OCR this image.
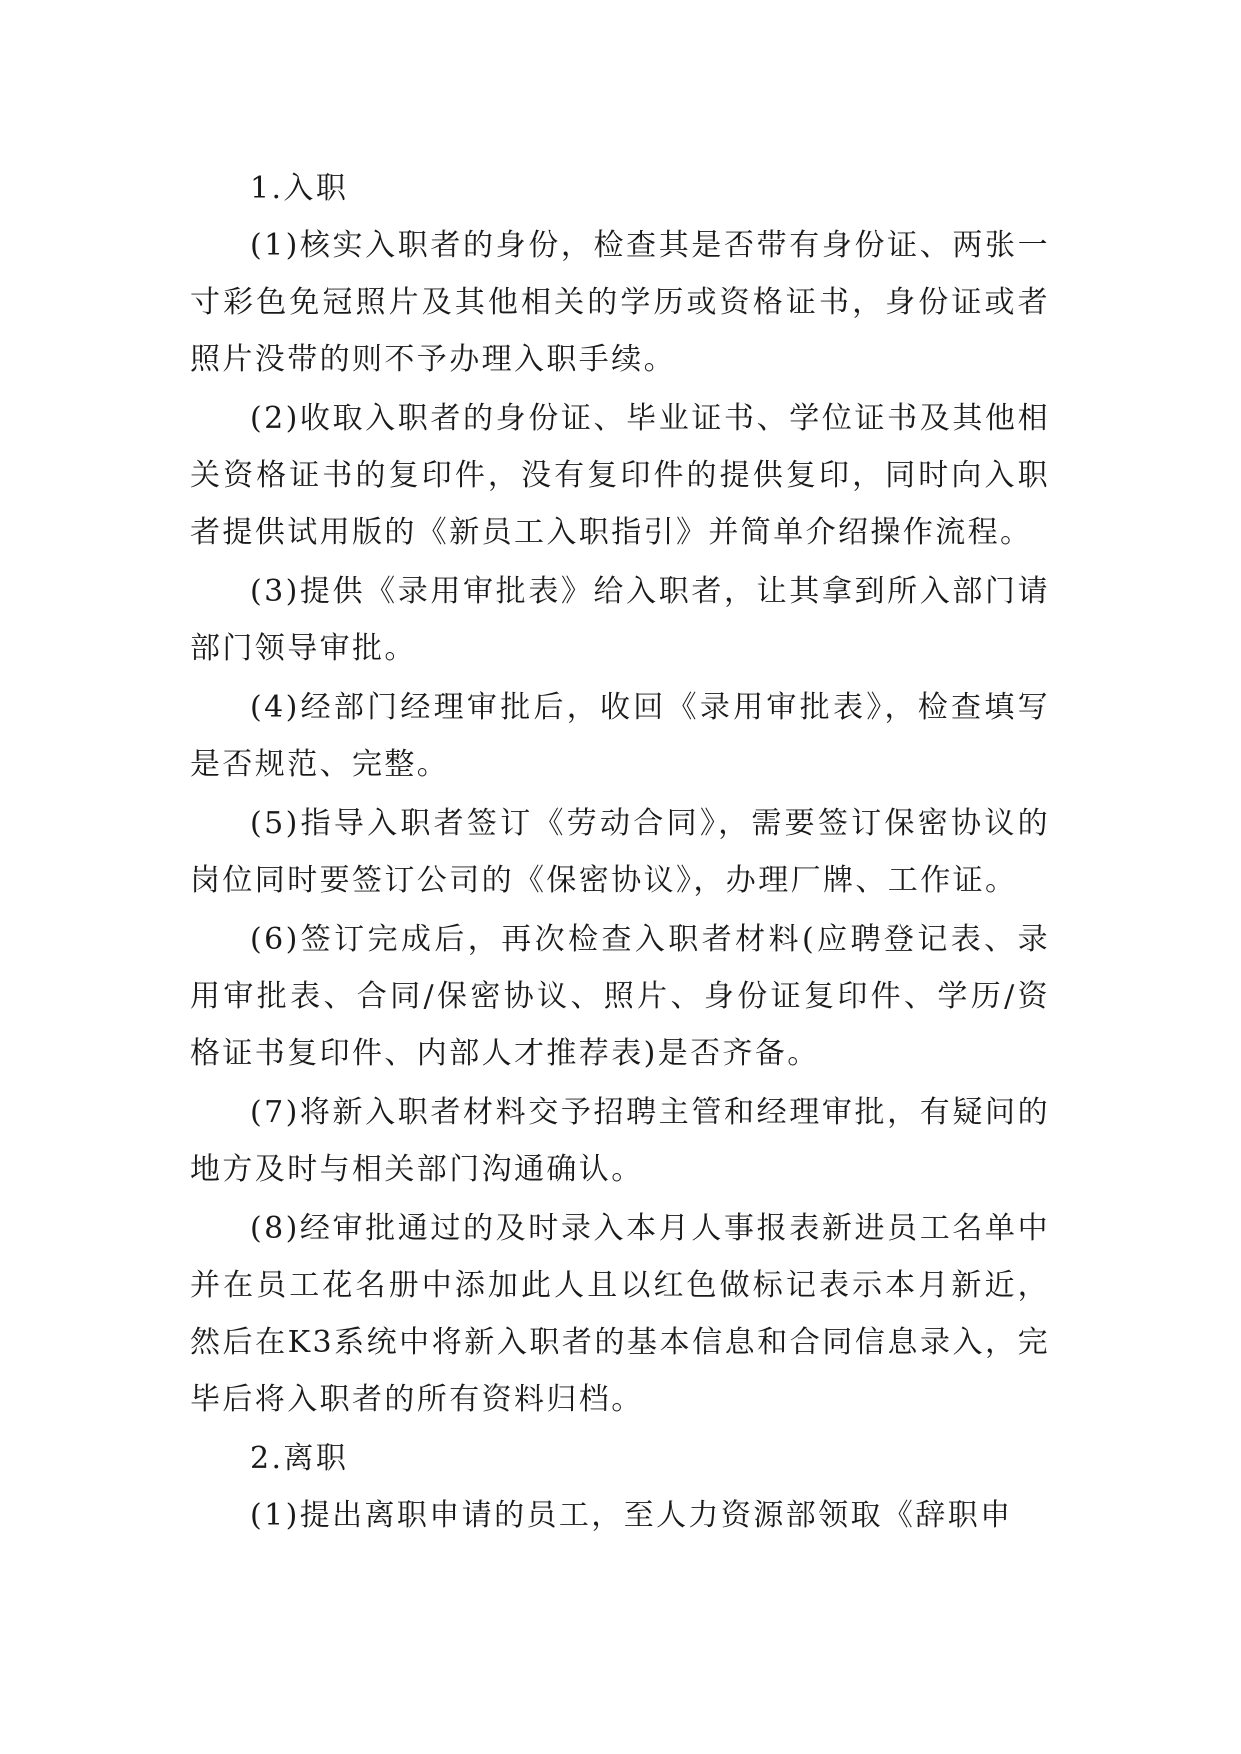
1.入职

(1)核实入职者的身份，检查其是否带有身份证、两张一寸彩色免冠照片及其他相关的学历或资格证书，身份证或者照片没带的则不予办理入职手续。

(2)收取入职者的身份证、毕业证书、学位证书及其他相关资格证书的复印件，没有复印件的提供复印，同时向入职者提供试用版的《新员工入职指引》并简单介绍操作流程。

(3)提供《录用审批表》给入职者，让其拿到所入部门请部门领导审批。

(4)经部门经理审批后，收回《录用审批表》，检查填写是否规范、完整。

(5)指导入职者签订《劳动合同》，需要签订保密协议的岗位同时要签订公司的《保密协议》，办理厂牌、工作证。

(6)签订完成后，再次检查入职者材料(应聘登记表、录用审批表、合同/保密协议、照片、身份证复印件、学历/资格证书复印件、内部人才推荐表)是否齐备。

(7)将新入职者材料交予招聘主管和经理审批，有疑问的地方及时与相关部门沟通确认。

(8)经审批通过的及时录入本月人事报表新进员工名单中并在员工花名册中添加此人且以红色做标记表示本月新近，然后在K3系统中将新入职者的基本信息和合同信息录入，完毕后将入职者的所有资料归档。

2.离职

(1)提出离职申请的员工，至人力资源部领取《辞职申
